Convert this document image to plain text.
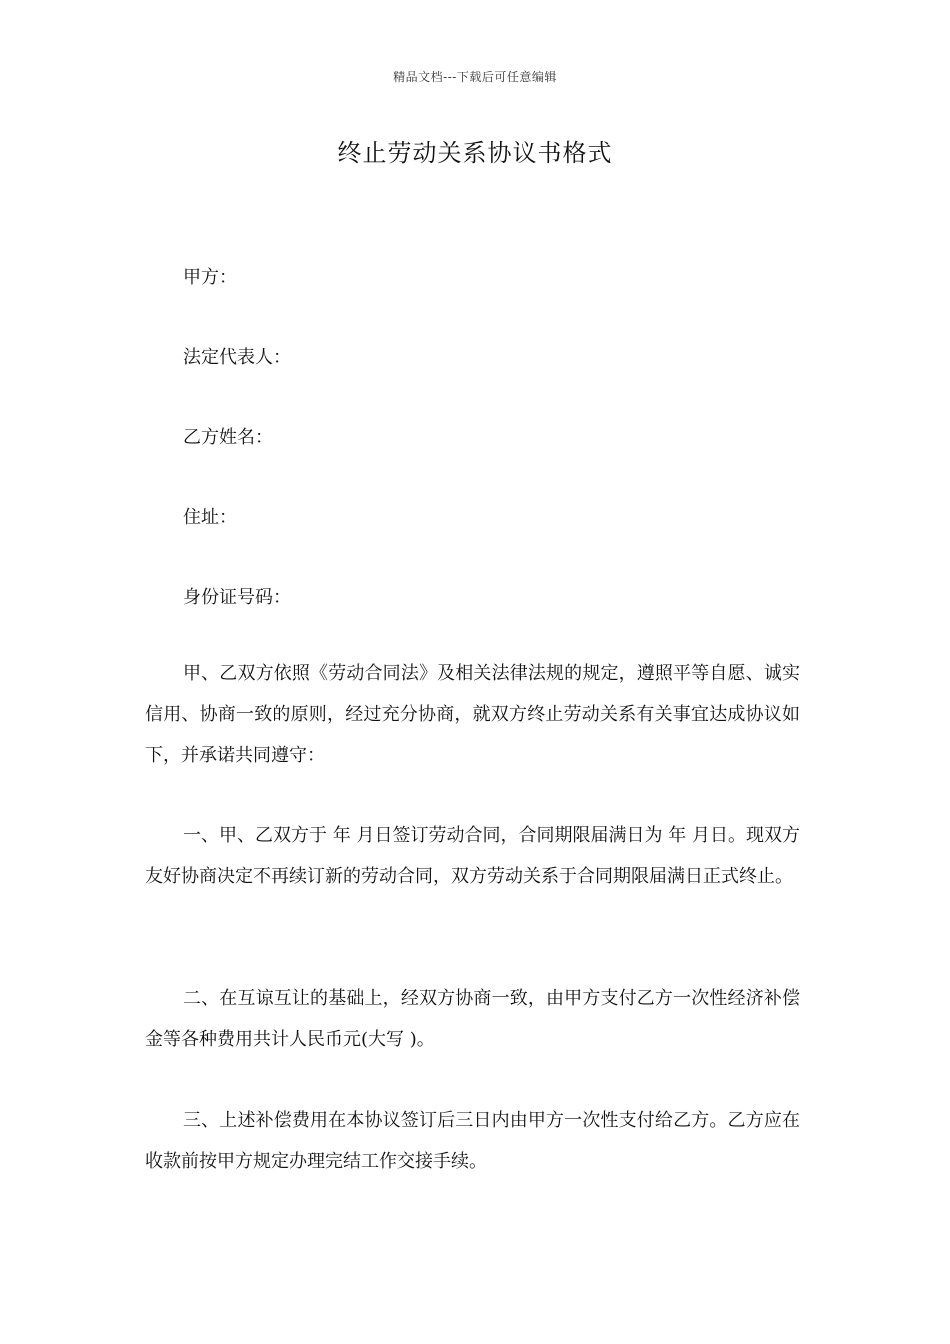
精品文档---下载后可任意编辑
终止劳动关系协议书格式

甲方：

法定代表人：

乙方姓名：

住址：

身份证号码：

甲、乙双方依照《劳动合同法》及相关法律法规的规定，遵照平等自愿、诚实信用、协商一致的原则，经过充分协商，就双方终止劳动关系有关事宜达成协议如下，并承诺共同遵守：

一、甲、乙双方于 年 月日签订劳动合同，合同期限届满日为 年 月日。现双方友好协商决定不再续订新的劳动合同，双方劳动关系于合同期限届满日正式终止。

二、在互谅互让的基础上，经双方协商一致，由甲方支付乙方一次性经济补偿金等各种费用共计人民币元(大写 )。

三、上述补偿费用在本协议签订后三日内由甲方一次性支付给乙方。乙方应在收款前按甲方规定办理完结工作交接手续。
